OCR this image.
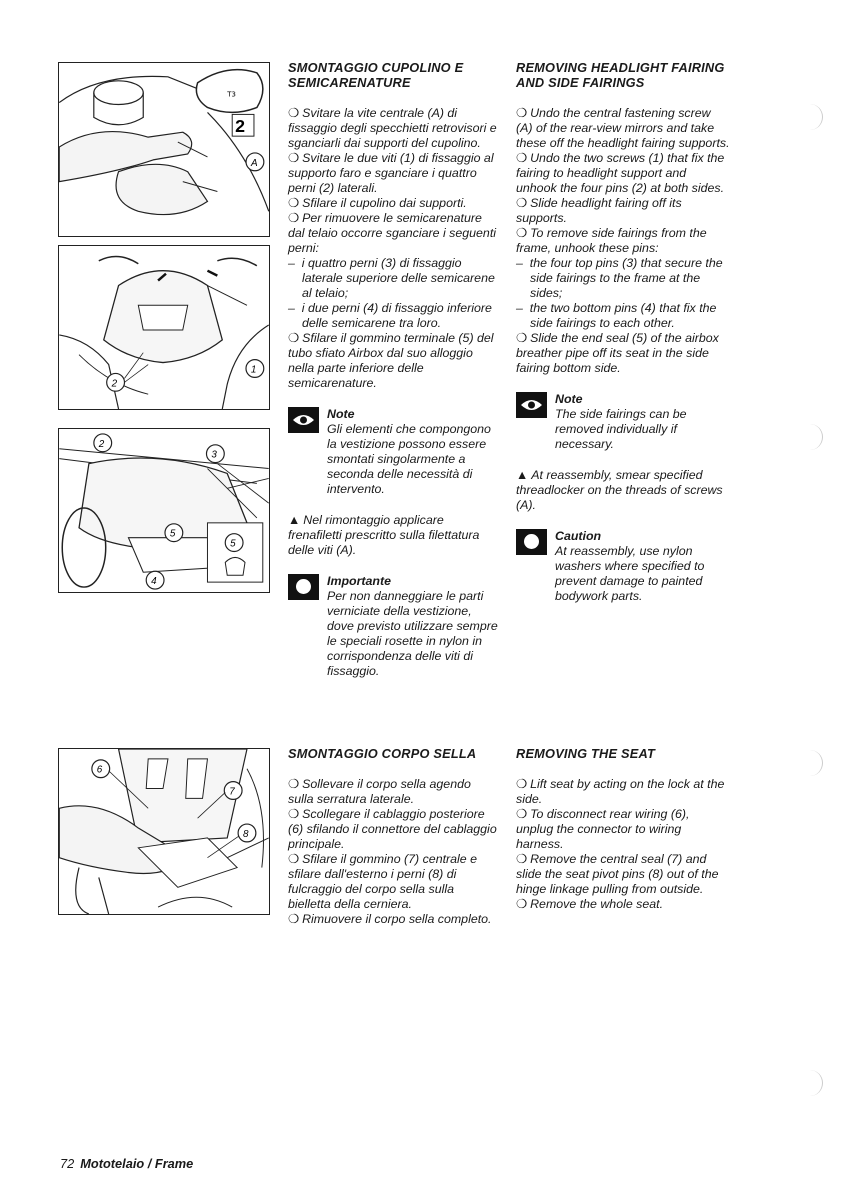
T3
2
A
1
2
2
3
5
5
4
6
7
8
SMONTAGGIO CUPOLINO E SEMICARENATURE

❍ Svitare la vite centrale (A) di fissaggio degli specchietti retrovisori e sganciarli dai supporti del cupolino.

❍ Svitare le due viti (1) di fissaggio al supporto faro e sganciare i quattro perni (2) laterali.

❍ Sfilare il cupolino dai supporti.

❍ Per rimuovere le semicarenature dal telaio occorre sganciare i seguenti perni:

–  i quattro perni (3) di fissaggio laterale superiore delle semicarene al telaio;
–  i due perni (4) di fissaggio inferiore delle semicarene tra loro.

❍ Sfilare il gommino terminale (5) del tubo sfiato Airbox dal suo alloggio nella parte inferiore delle semicarenature.

Note
Gli elementi che compongono la vestizione possono essere smontati singolarmente a seconda delle necessità di intervento.

▲ Nel rimontaggio applicare frenafiletti prescritto sulla filettatura delle viti (A).

Importante
Per non danneggiare le parti verniciate della vestizione, dove previsto utilizzare sempre le speciali rosette in nylon in corrispondenza delle viti di fissaggio.
REMOVING HEADLIGHT FAIRING AND SIDE FAIRINGS

❍ Undo the central fastening screw (A) of the rear-view mirrors and take these off the headlight fairing supports.

❍ Undo the two screws (1) that fix the fairing to headlight support and unhook the four pins (2) at both sides.

❍ Slide headlight fairing off its supports.

❍ To remove side fairings from the frame, unhook these pins:

–  the four top pins (3) that secure the side fairings to the frame at the sides;
–  the two bottom pins (4) that fix the side fairings to each other.

❍ Slide the end seal (5) of the airbox breather pipe off its seat in the side fairing bottom side.

Note
The side fairings can be removed individually if necessary.

▲ At reassembly, smear specified threadlocker on the threads of screws (A).

Caution
At reassembly, use nylon washers where specified to prevent damage to painted bodywork parts.
SMONTAGGIO CORPO SELLA

❍ Sollevare il corpo sella agendo sulla serratura laterale.

❍ Scollegare il cablaggio posteriore (6) sfilando il connettore del cablaggio principale.

❍ Sfilare il gommino (7) centrale e sfilare dall'esterno i perni (8) di fulcraggio del corpo sella sulla bielletta della cerniera.

❍ Rimuovere il corpo sella completo.

REMOVING THE SEAT

❍ Lift seat by acting on the lock at the side.

❍ To disconnect rear wiring (6), unplug the connector to wiring harness.

❍ Remove the central seal (7) and slide the seat pivot pins (8) out of the hinge linkage pulling from outside.

❍ Remove the whole seat.

72 Mototelaio / Frame
